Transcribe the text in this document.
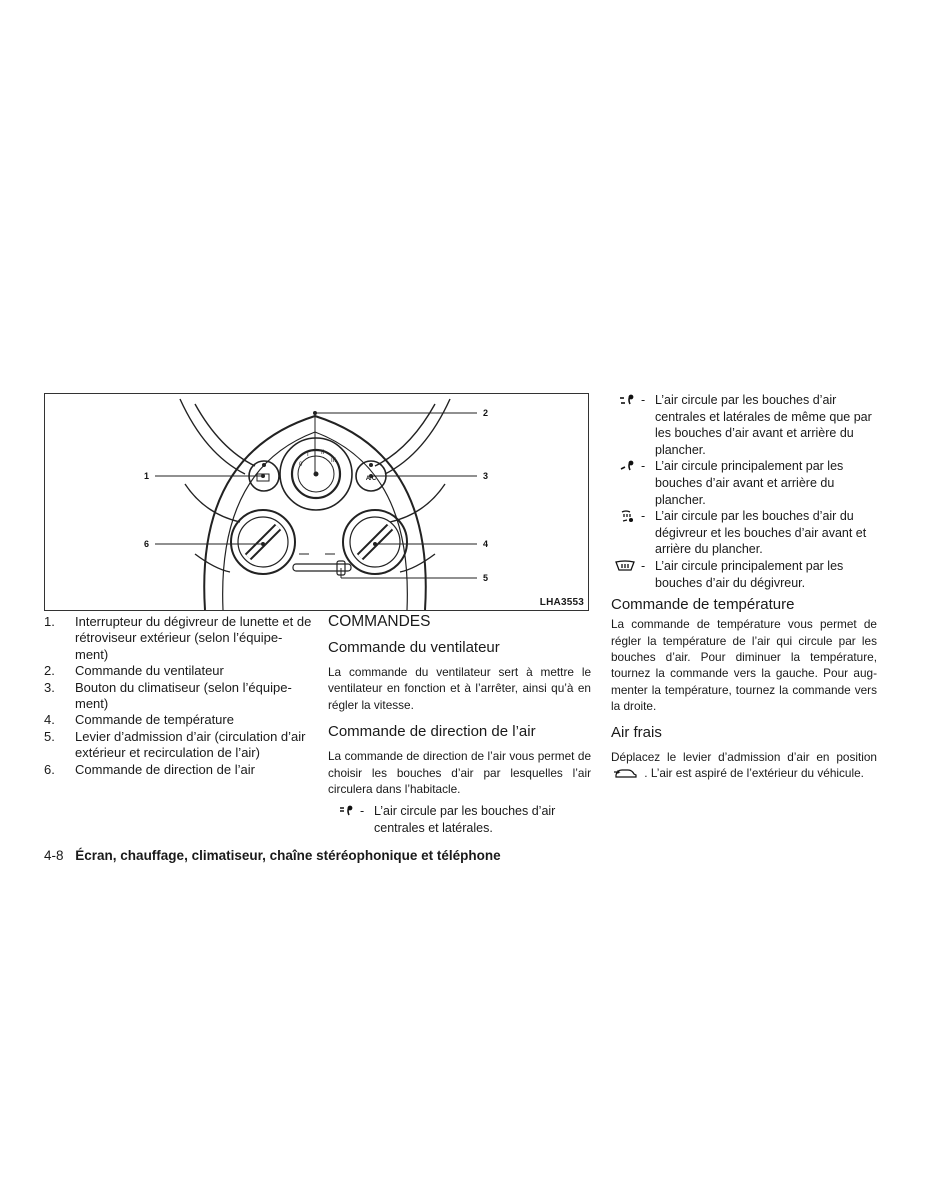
1
2
3
4
5
6
A/C
0
I II
III
LHA3553
1.	Interrupteur du dégivreur de lunette et de rétroviseur extérieur (selon l’équipe-ment)
2.	Commande du ventilateur
3.	Bouton du climatiseur (selon l’équipe-ment)
4.	Commande de température
5.	Levier d’admission d’air (circulation d’air extérieur et recirculation de l’air)
6.	Commande de direction de l’air

COMMANDES

Commande du ventilateur

La commande du ventilateur sert à mettre le ventilateur en fonction et à l’arrêter, ainsi qu’à en régler la vitesse.

Commande de direction de l’air

La commande de direction de l’air vous permet de choisir les bouches d’air par lesquelles l’air circulera dans l’habitacle.

- L’air circule par les bouches d’air centrales et latérales.
- L’air circule par les bouches d’air centrales et latérales de même que par les bouches d’air avant et arrière du plancher.
- L’air circule principalement par les bouches d’air avant et arrière du plancher.
- L’air circule par les bouches d’air du dégivreur et les bouches d’air avant et arrière du plancher.
- L’air circule principalement par les bouches d’air du dégivreur.

Commande de température

La commande de température vous permet de régler la température de l’air qui circule par les bouches d’air. Pour diminuer la température, tournez la commande vers la gauche. Pour aug-menter la température, tournez la commande vers la droite.

Air frais

Déplacez le levier d’admission d’air en position  . L’air est aspiré de l’extérieur du véhicule.

4-8 Écran, chauffage, climatiseur, chaîne stéréophonique et téléphone
